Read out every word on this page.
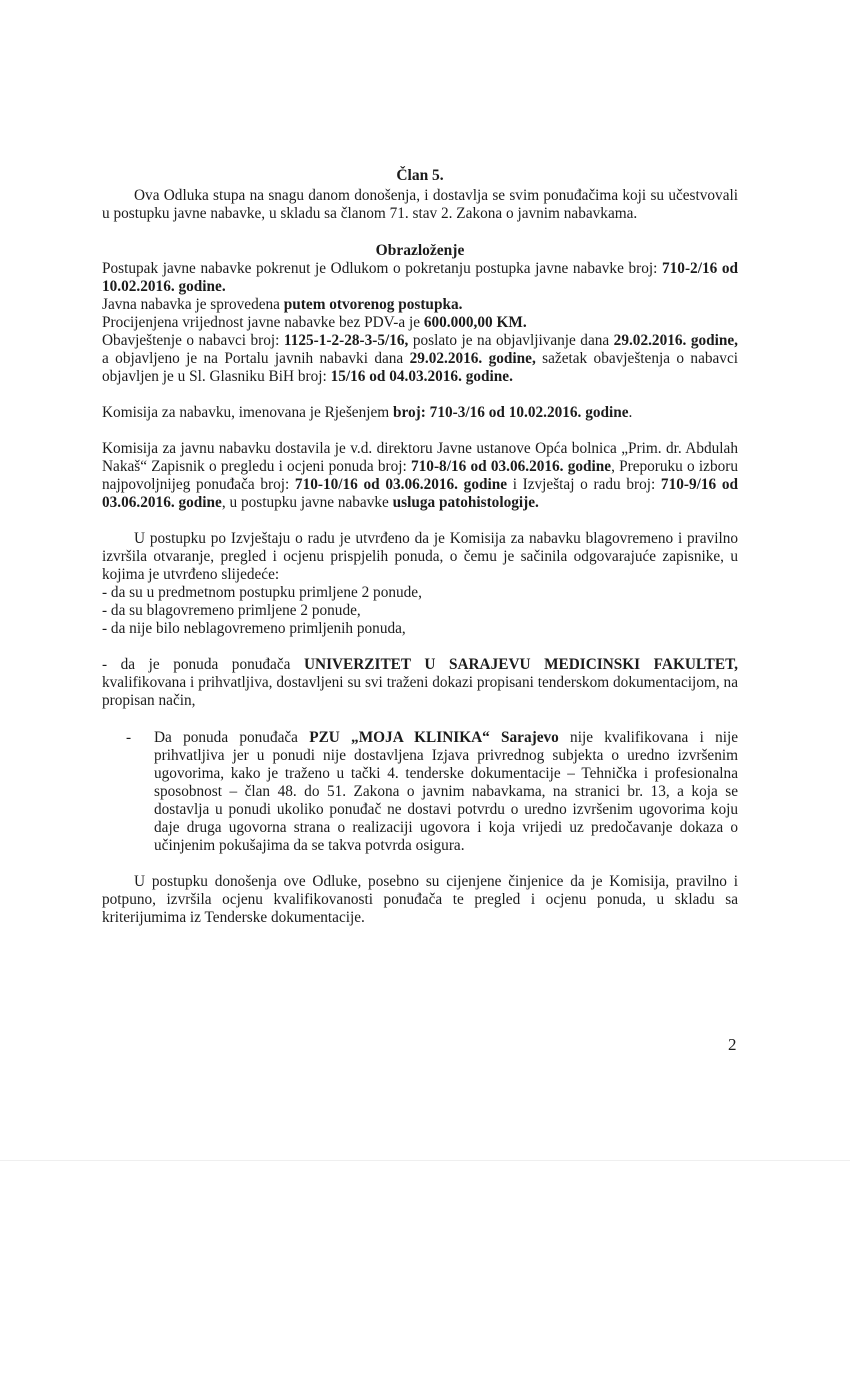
Član 5.

Ova Odluka stupa na snagu danom donošenja, i dostavlja se svim ponuđačima koji su učestvovali u postupku javne nabavke, u skladu sa članom 71. stav 2. Zakona o javnim nabavkama.

Obrazloženje

Postupak javne nabavke pokrenut je Odlukom o pokretanju postupka javne nabavke broj: 710-2/16 od 10.02.2016. godine.

Javna nabavka je sprovedena putem otvorenog postupka.

Procijenjena vrijednost javne nabavke bez PDV-a je 600.000,00 KM.

Obavještenje o nabavci broj: 1125-1-2-28-3-5/16, poslato je na objavljivanje dana 29.02.2016. godine, a objavljeno je na Portalu javnih nabavki dana 29.02.2016. godine, sažetak obavještenja o nabavci objavljen je u Sl. Glasniku BiH broj: 15/16 od 04.03.2016. godine.

Komisija za nabavku, imenovana je Rješenjem broj: 710-3/16 od 10.02.2016. godine.

Komisija za javnu nabavku dostavila je v.d. direktoru Javne ustanove Opća bolnica „Prim. dr. Abdulah Nakaš“ Zapisnik o pregledu i ocjeni ponuda broj: 710-8/16 od 03.06.2016. godine, Preporuku o izboru najpovoljnijeg ponuđača broj: 710-10/16 od 03.06.2016. godine i Izvještaj o radu broj: 710-9/16 od 03.06.2016. godine, u postupku javne nabavke usluga patohistologije.

U postupku po Izvještaju o radu je utvrđeno da je Komisija za nabavku blagovremeno i pravilno izvršila otvaranje, pregled i ocjenu prispjelih ponuda, o čemu je sačinila odgovarajuće zapisnike, u kojima je utvrđeno slijedeće:

- da su u predmetnom postupku primljene 2 ponude,

- da su blagovremeno primljene 2 ponude,

- da nije bilo neblagovremeno primljenih ponuda,

- da je ponuda ponuđača UNIVERZITET U SARAJEVU MEDICINSKI FAKULTET, kvalifikovana i prihvatljiva, dostavljeni su svi traženi dokazi propisani tenderskom dokumentacijom, na propisan način,

- Da ponuda ponuđača PZU „MOJA KLINIKA“ Sarajevo nije kvalifikovana i nije prihvatljiva jer u ponudi nije dostavljena Izjava privrednog subjekta o uredno izvršenim ugovorima, kako je traženo u tački 4. tenderske dokumentacije – Tehnička i profesionalna sposobnost – član 48. do 51. Zakona o javnim nabavkama, na stranici br. 13, a koja se dostavlja u ponudi ukoliko ponuđač ne dostavi potvrdu o uredno izvršenim ugovorima koju daje druga ugovorna strana o realizaciji ugovora i koja vrijedi uz predočavanje dokaza o učinjenim pokušajima da se takva potvrda osigura.

U postupku donošenja ove Odluke, posebno su cijenjene činjenice da je Komisija, pravilno i potpuno, izvršila ocjenu kvalifikovanosti ponuđača te pregled i ocjenu ponuda, u skladu sa kriterijumima iz Tenderske dokumentacije.

2
